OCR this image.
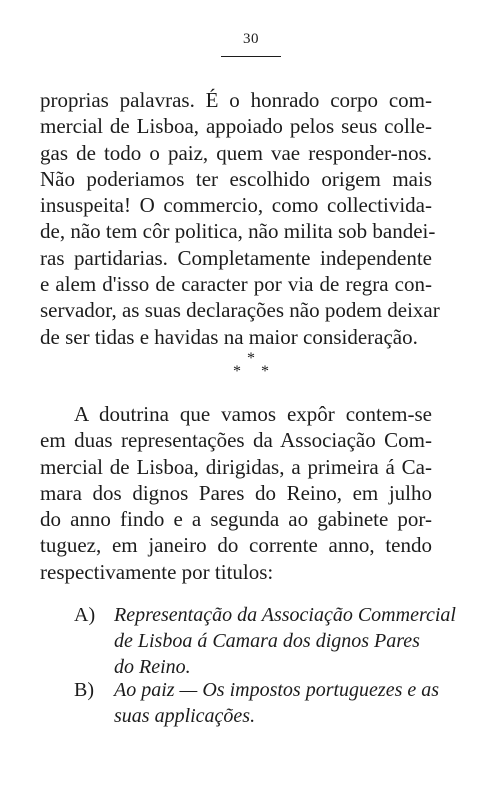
30
proprias palavras. É o honrado corpo com-
mercial de Lisboa, appoiado pelos seus colle-
gas de todo o paiz, quem vae responder-nos.
Não poderiamos ter escolhido origem mais
insuspeita! O commercio, como collectivida-
de, não tem côr politica, não milita sob bandei-
ras partidarias. Completamente independente
e alem d'isso de caracter por via de regra con-
servador, as suas declarações não podem deixar
de ser tidas e havidas na maior consideração.
*
* *
A doutrina que vamos expôr contem-se
em duas representações da Associação Com-
mercial de Lisboa, dirigidas, a primeira á Ca-
mara dos dignos Pares do Reino, em julho
do anno findo e a segunda ao gabinete por-
tuguez, em janeiro do corrente anno, tendo
respectivamente por titulos:
A) Representação da Associação Commercial
de Lisboa á Camara dos dignos Pares
do Reino.
B) Ao paiz — Os impostos portuguezes e as
suas applicações.
